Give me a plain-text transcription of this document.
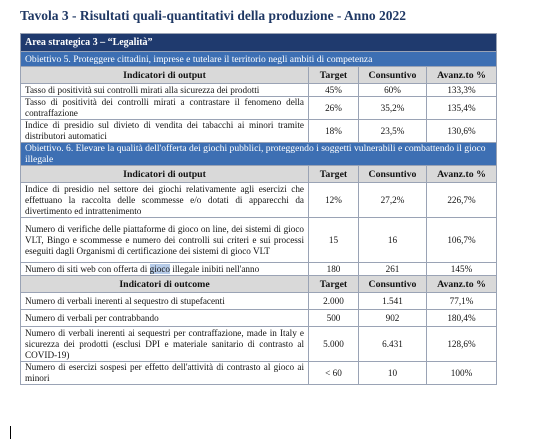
Tavola 3 - Risultati quali-quantitativi della produzione - Anno 2022
Area strategica 3 – “Legalità”			
Obiettivo 5. Proteggere cittadini, imprese e tutelare il territorio negli ambiti di competenza			
Indicatori di output	Target	Consuntivo	Avanz.to %
Tasso di positività sui controlli mirati alla sicurezza dei prodotti	45%	60%	133,3%
Tasso di positività dei controlli mirati a contrastare il fenomeno della contraffazione	26%	35,2%	135,4%
Indice di presidio sul divieto di vendita dei tabacchi ai minori tramite distributori automatici	18%	23,5%	130,6%
Obiettivo. 6. Elevare la qualità dell'offerta dei giochi pubblici, proteggendo i soggetti vulnerabili e combattendo il gioco illegale			
Indicatori di output	Target	Consuntivo	Avanz.to %
Indice di presidio nel settore dei giochi relativamente agli esercizi che effettuano la raccolta delle scommesse e/o dotati di apparecchi da divertimento ed intrattenimento	12%	27,2%	226,7%
Numero di verifiche delle piattaforme di gioco on line, dei sistemi di gioco VLT, Bingo e scommesse e numero dei controlli sui criteri e sui processi eseguiti dagli Organismi di certificazione dei sistemi di gioco VLT	15	16	106,7%
Numero di siti web con offerta di gioco illegale inibiti nell'anno	180	261	145%
Indicatori di outcome	Target	Consuntivo	Avanz.to %
Numero di verbali inerenti al sequestro di stupefacenti	2.000	1.541	77,1%
Numero di verbali per contrabbando	500	902	180,4%
Numero di verbali inerenti ai sequestri per contraffazione, made in Italy e sicurezza dei prodotti (esclusi DPI e materiale sanitario di contrasto al COVID-19)	5.000	6.431	128,6%
Numero di esercizi sospesi per effetto dell'attività di contrasto al gioco ai minori	< 60	10	100%
